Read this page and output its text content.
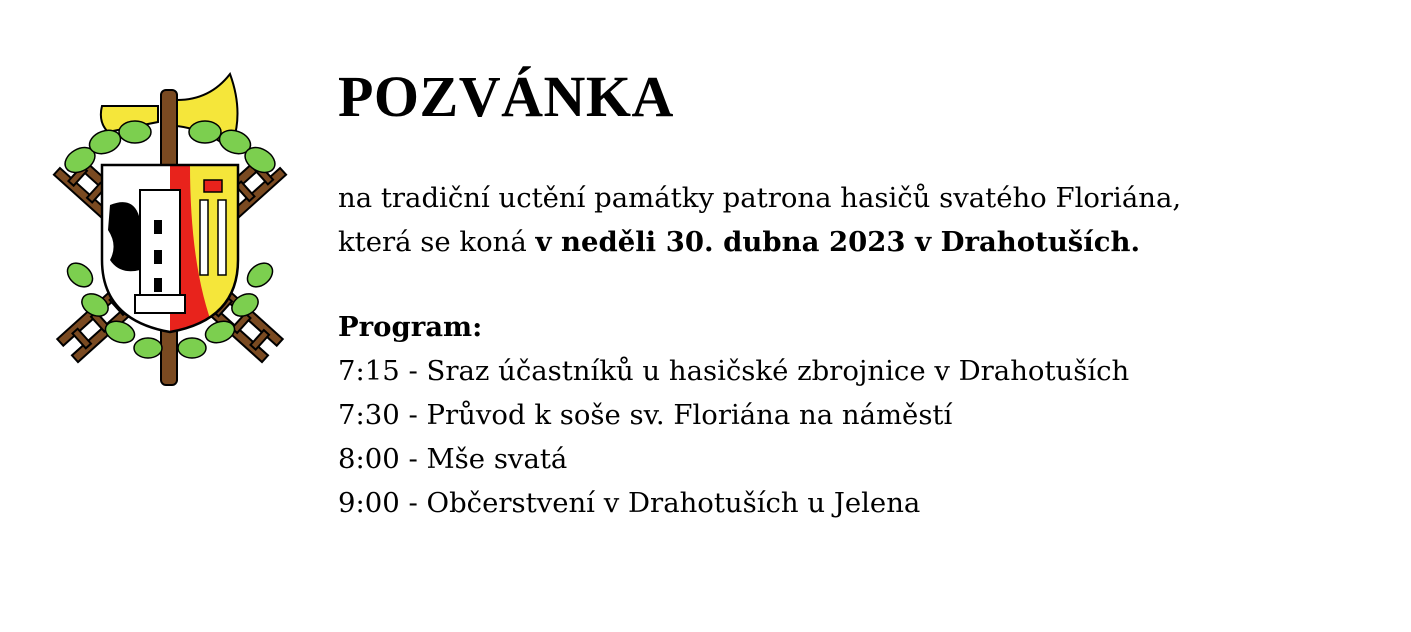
POZVÁNKA
na tradiční uctění památky patrona hasičů svatého Floriána,
která se koná v neděli 30. dubna 2023 v Drahotuších.
Program:
7:15 - Sraz účastníků u hasičské zbrojnice v Drahotuších
7:30 - Průvod k soše sv. Floriána na náměstí
8:00 - Mše svatá
9:00 - Občerstvení v Drahotuších u Jelena
